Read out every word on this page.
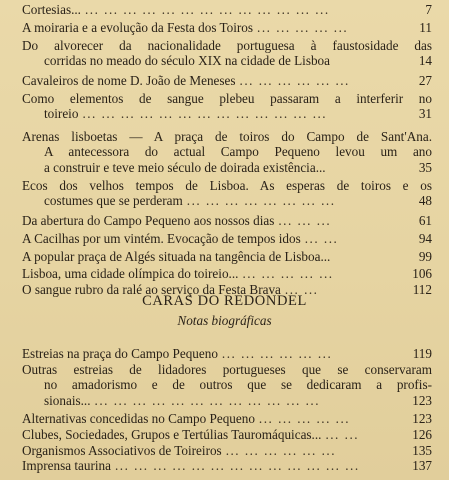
Cortesias... ... ... ... ... ... ... ... ... ... ... ... ... ...	7
A moiraria e a evolução da Festa dos Toiros ... ... ... ... ...	11
Do alvorecer da nacionalidade portuguesa à faustosidade das
corridas no meado do século XIX na cidade de Lisboa	14
Cavaleiros de nome D. João de Meneses ... ... ... ... ... ...	27
Como elementos de sangue plebeu passaram a interferir no
toireio ... ... ... ... ... ... ... ... ... ... ... ... ...	31
Arenas lisboetas — A praça de toiros do Campo de Sant'Ana.
A antecessora do actual Campo Pequeno levou um ano
a construir e teve meio século de doirada existência...	35
Ecos dos velhos tempos de Lisboa. As esperas de toiros e os
costumes que se perderam ... ... ... ... ... ... ... ...	48
Da abertura do Campo Pequeno aos nossos dias ... ... ...	61
A Cacilhas por um vintém. Evocação de tempos idos ... ...	94
A popular praça de Algés situada na tangência de Lisboa...	99
Lisboa, uma cidade olímpica do toireio... ... ... ... ... ...	106
O sangue rubro da ralé ao serviço da Festa Brava ... ...	112
CARAS DO REDONDEL
Notas biográficas
Estreias na praça do Campo Pequeno ... ... ... ... ... ...	119
Outras estreias de lidadores portugueses que se conservaram
no amadorismo e de outros que se dedicaram a profis-
sionais... ... ... ... ... ... ... ... ... ... ... ... ...	123
Alternativas concedidas no Campo Pequeno ... ... ... ... ...	123
Clubes, Sociedades, Grupos e Tertúlias Tauromáquicas... ... ...	126
Organismos Associativos de Toireiros ... ... ... ... ... ...	135
Imprensa taurina ... ... ... ... ... ... ... ... ... ... ... ... ...	137
